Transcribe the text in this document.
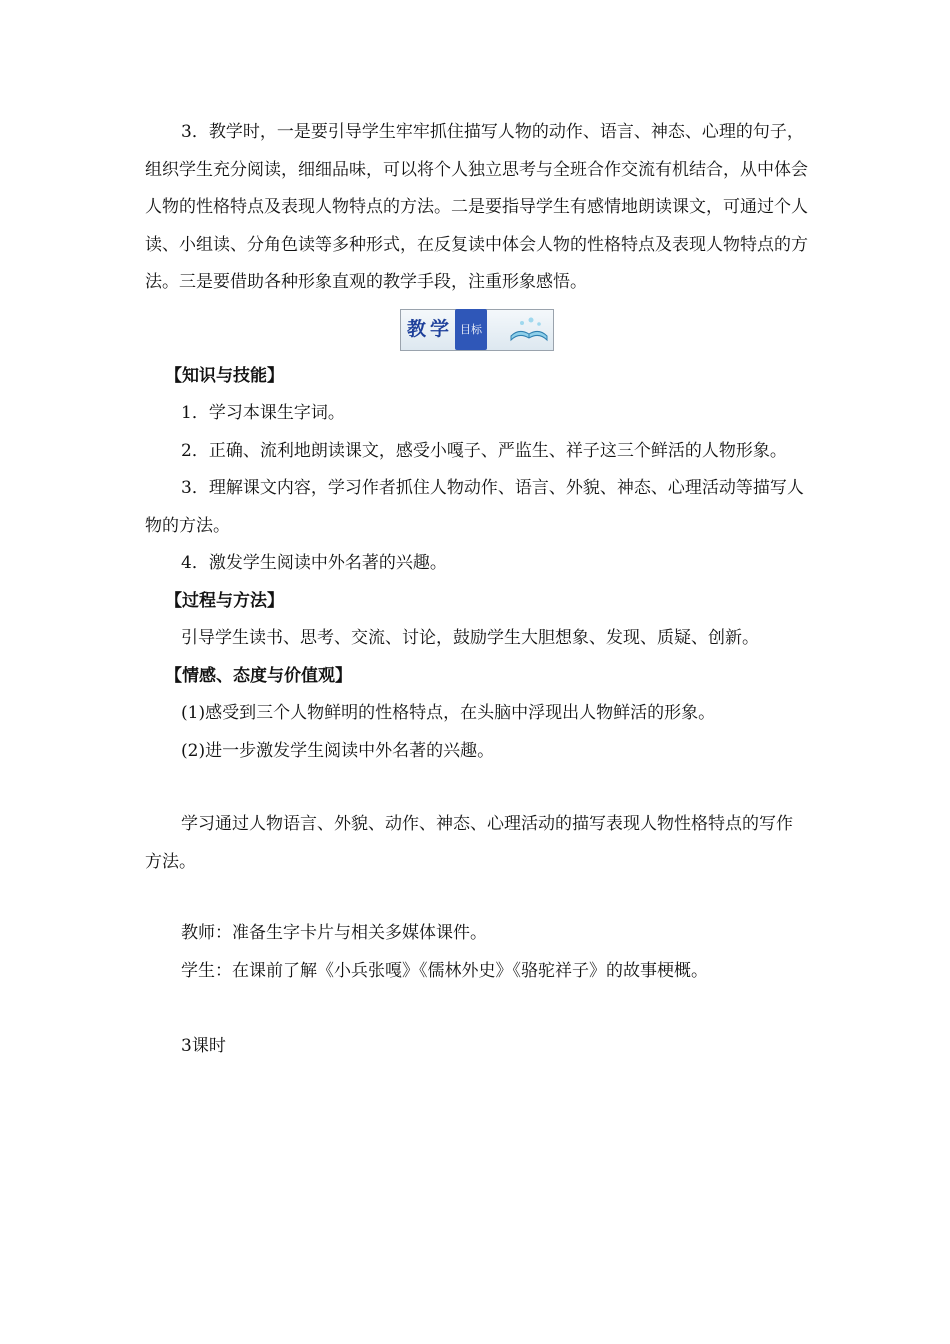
3．教学时，一是要引导学生牢牢抓住描写人物的动作、语言、神态、心理的句子，组织学生充分阅读，细细品味，可以将个人独立思考与全班合作交流有机结合，从中体会人物的性格特点及表现人物特点的方法。二是要指导学生有感情地朗读课文，可通过个人读、小组读、分角色读等多种形式，在反复读中体会人物的性格特点及表现人物特点的方法。三是要借助各种形象直观的教学手段，注重形象感悟。

教学 目标

【知识与技能】

1．学习本课生字词。

2．正确、流利地朗读课文，感受小嘎子、严监生、祥子这三个鲜活的人物形象。

3．理解课文内容，学习作者抓住人物动作、语言、外貌、神态、心理活动等描写人物的方法。

4．激发学生阅读中外名著的兴趣。

【过程与方法】

引导学生读书、思考、交流、讨论，鼓励学生大胆想象、发现、质疑、创新。

【情感、态度与价值观】

(1)感受到三个人物鲜明的性格特点，在头脑中浮现出人物鲜活的形象。

(2)进一步激发学生阅读中外名著的兴趣。

学习通过人物语言、外貌、动作、神态、心理活动的描写表现人物性格特点的写作方法。

教师：准备生字卡片与相关多媒体课件。

学生：在课前了解《小兵张嘎》《儒林外史》《骆驼祥子》的故事梗概。

3课时
